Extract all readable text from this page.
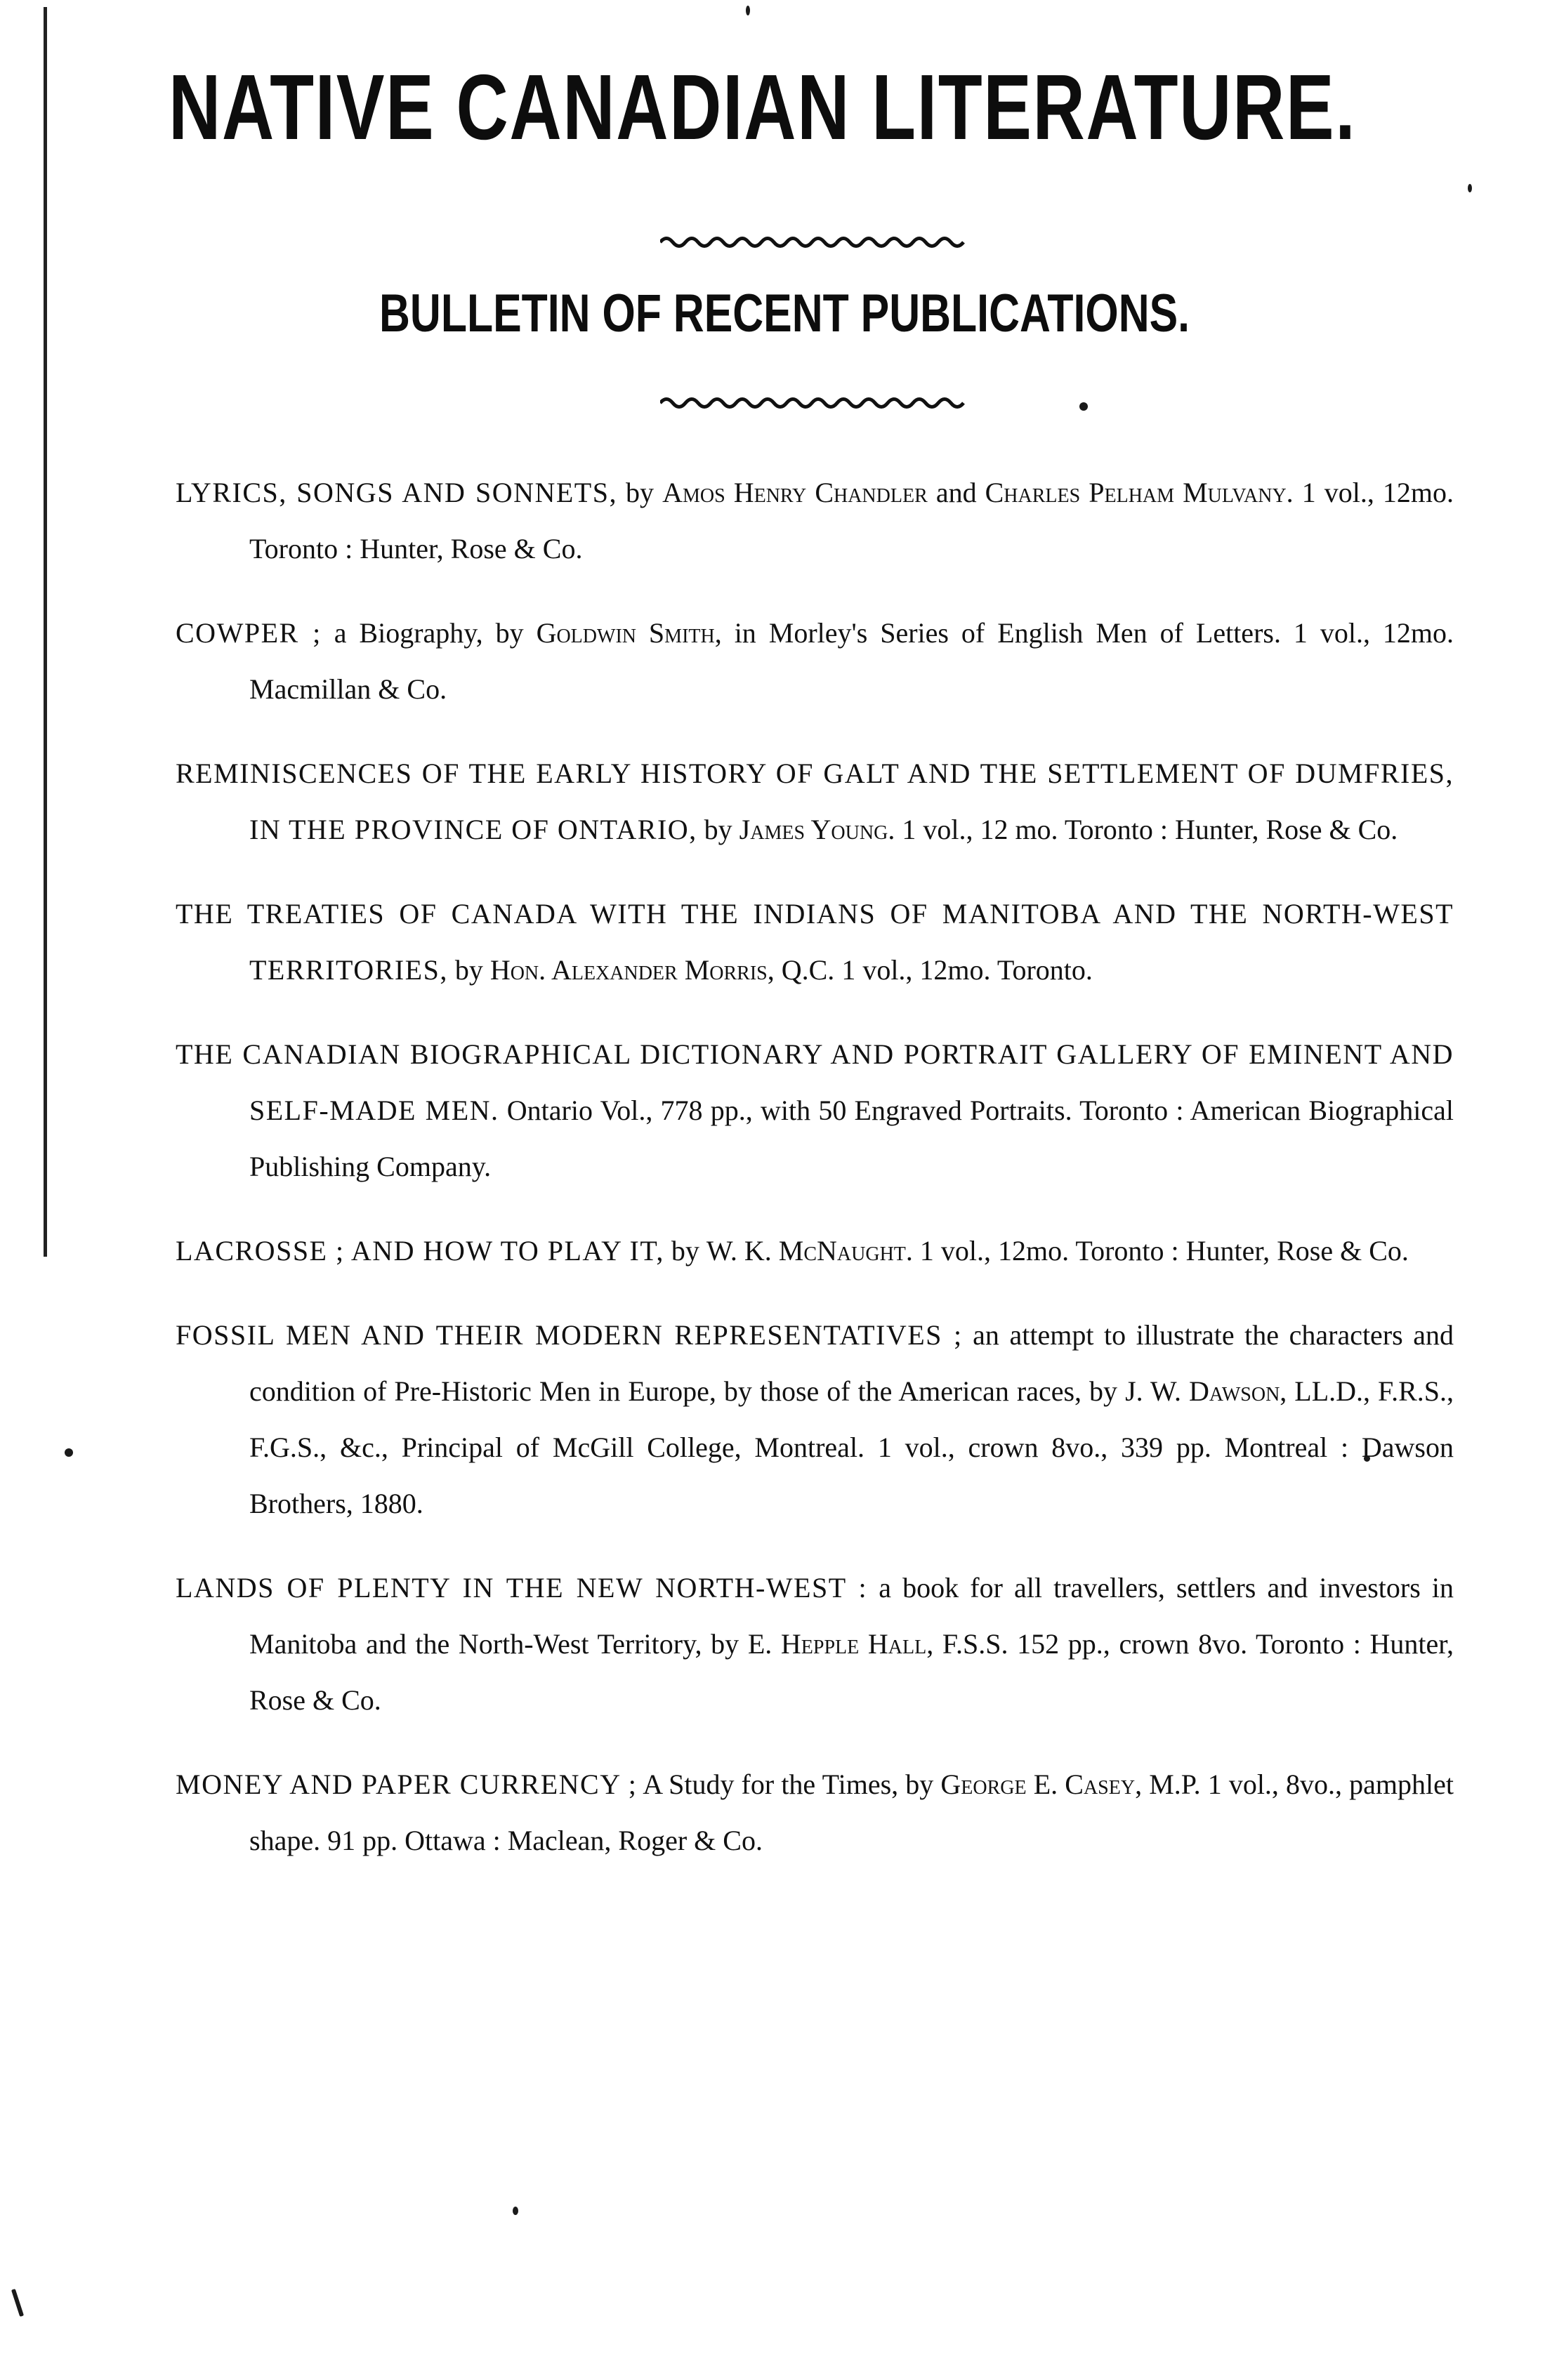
NATIVE CANADIAN LITERATURE.
BULLETIN OF RECENT PUBLICATIONS.
LYRICS, SONGS AND SONNETS, by Amos Henry Chandler and Charles Pelham Mulvany. 1 vol., 12mo. Toronto : Hunter, Rose & Co.
COWPER ; a Biography, by Goldwin Smith, in Morley's Series of English Men of Letters. 1 vol., 12mo. Macmillan & Co.
REMINISCENCES OF THE EARLY HISTORY OF GALT AND THE SETTLEMENT OF DUMFRIES, IN THE PROVINCE OF ONTARIO, by James Young. 1 vol., 12 mo. Toronto : Hunter, Rose & Co.
THE TREATIES OF CANADA WITH THE INDIANS OF MANITOBA AND THE NORTH-WEST TERRITORIES, by Hon. Alexander Morris, Q.C. 1 vol., 12mo. Toronto.
THE CANADIAN BIOGRAPHICAL DICTIONARY AND PORTRAIT GALLERY OF EMINENT AND SELF-MADE MEN. Ontario Vol., 778 pp., with 50 Engraved Portraits. Toronto : American Biographical Publishing Company.
LACROSSE ; AND HOW TO PLAY IT, by W. K. McNaught. 1 vol., 12mo. Toronto : Hunter, Rose & Co.
FOSSIL MEN AND THEIR MODERN REPRESENTATIVES ; an attempt to illustrate the characters and condition of Pre-Historic Men in Europe, by those of the American races, by J. W. Dawson, LL.D., F.R.S., F.G.S., &c., Principal of McGill College, Montreal. 1 vol., crown 8vo., 339 pp. Montreal : Dawson Brothers, 1880.
LANDS OF PLENTY IN THE NEW NORTH-WEST : a book for all travellers, settlers and investors in Manitoba and the North-West Territory, by E. Hepple Hall, F.S.S. 152 pp., crown 8vo. Toronto : Hunter, Rose & Co.
MONEY AND PAPER CURRENCY ; A Study for the Times, by George E. Casey, M.P. 1 vol., 8vo., pamphlet shape. 91 pp. Ottawa : Maclean, Roger & Co.
